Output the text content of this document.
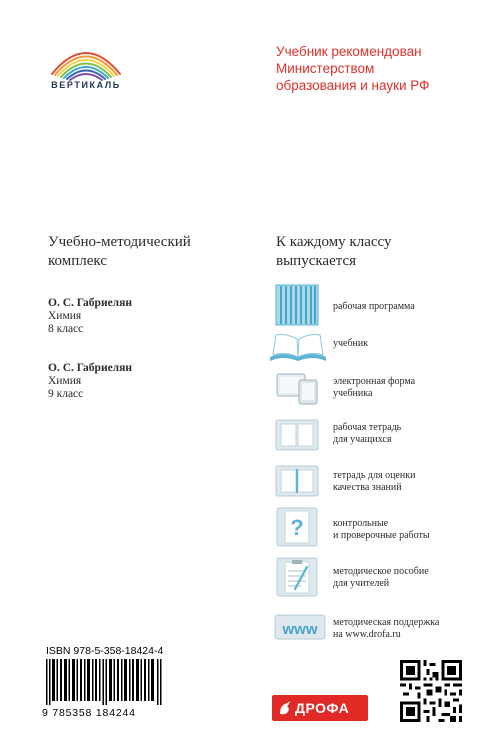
ВЕРТИКАЛЬ
Учебник рекомендован
Министерством
образования и науки РФ
Учебно-методический
комплекс
О. С. Габриелян
Химия
8 класс
О. С. Габриелян
Химия
9 класс
К каждому классу
выпускается
рабочая программа
учебник
электронная форма
учебника
рабочая тетрадь
для учащихся
тетрадь для оценки
качества знаний
?	контрольные
и проверочные работы
методическое пособие
для учителей
www методическая поддержка
на www.drofa.ru
ISBN 978-5-358-18424-4
9 785358 184244	ДРОФА
